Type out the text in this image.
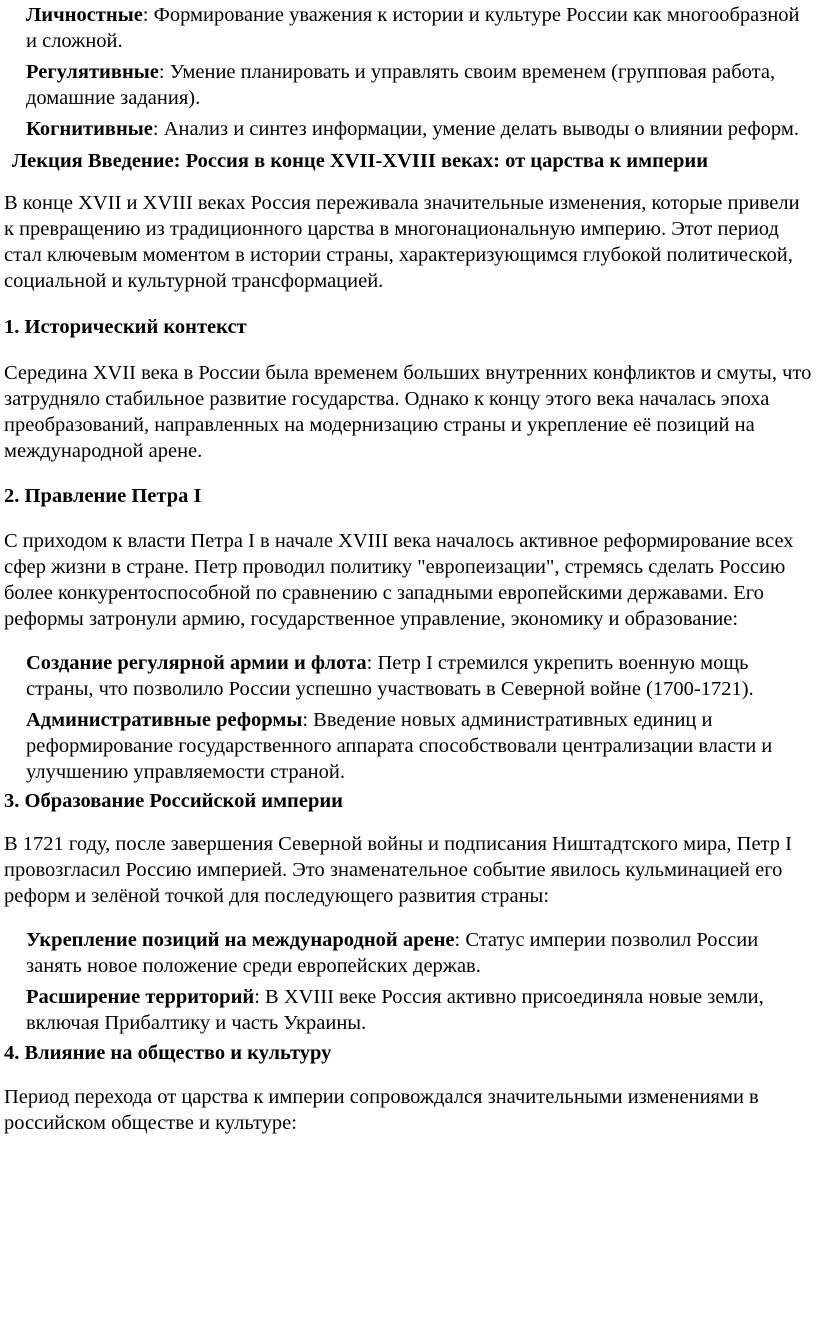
Личностные: Формирование уважения к истории и культуре России как многообразной и сложной.
Регулятивные: Умение планировать и управлять своим временем (групповая работа, домашние задания).
Когнитивные: Анализ и синтез информации, умение делать выводы о влиянии реформ.
Лекция Введение: Россия в конце XVII-XVIII веках: от царства к империи
В конце XVII и XVIII веках Россия переживала значительные изменения, которые привели к превращению из традиционного царства в многонациональную империю. Этот период стал ключевым моментом в истории страны, характеризующимся глубокой политической, социальной и культурной трансформацией.
1. Исторический контекст
Середина XVII века в России была временем больших внутренних конфликтов и смуты, что затрудняло стабильное развитие государства. Однако к концу этого века началась эпоха преобразований, направленных на модернизацию страны и укрепление её позиций на международной арене.
2. Правление Петра I
С приходом к власти Петра I в начале XVIII века началось активное реформирование всех сфер жизни в стране. Петр проводил политику "европеизации", стремясь сделать Россию более конкурентоспособной по сравнению с западными европейскими державами. Его реформы затронули армию, государственное управление, экономику и образование:
Создание регулярной армии и флота: Петр I стремился укрепить военную мощь страны, что позволило России успешно участвовать в Северной войне (1700-1721).
Административные реформы: Введение новых административных единиц и реформирование государственного аппарата способствовали централизации власти и улучшению управляемости страной.
3. Образование Российской империи
В 1721 году, после завершения Северной войны и подписания Ништадтского мира, Петр I провозгласил Россию империей. Это знаменательное событие явилось кульминацией его реформ и зелёной точкой для последующего развития страны:
Укрепление позиций на международной арене: Статус империи позволил России занять новое положение среди европейских держав.
Расширение территорий: В XVIII веке Россия активно присоединяла новые земли, включая Прибалтику и часть Украины.
4. Влияние на общество и культуру
Период перехода от царства к империи сопровождался значительными изменениями в российском обществе и культуре:
